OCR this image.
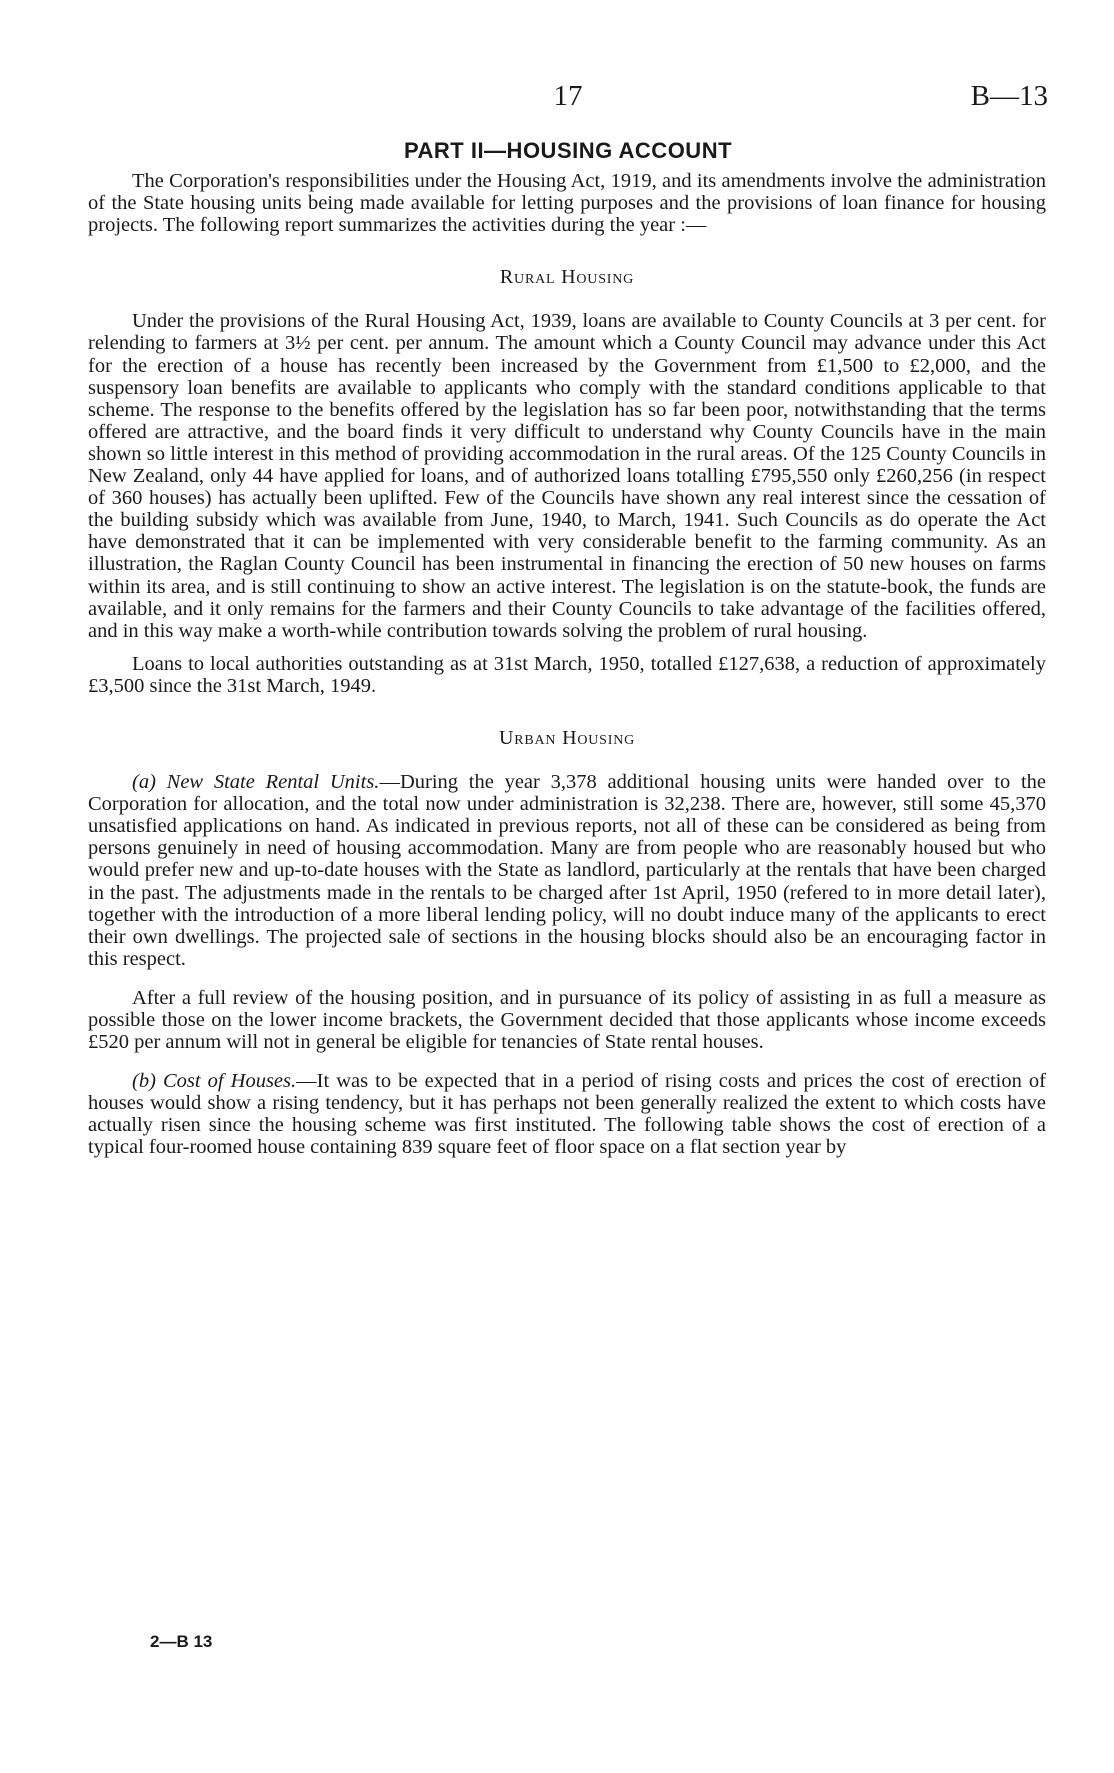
17	B—13
PART II—HOUSING ACCOUNT

The Corporation's responsibilities under the Housing Act, 1919, and its amendments involve the administration of the State housing units being made available for letting purposes and the provisions of loan finance for housing projects. The following report summarizes the activities during the year :—

Rural Housing

Under the provisions of the Rural Housing Act, 1939, loans are available to County Councils at 3 per cent. for relending to farmers at 3½ per cent. per annum. The amount which a County Council may advance under this Act for the erection of a house has recently been increased by the Government from £1,500 to £2,000, and the suspensory loan benefits are available to applicants who comply with the standard conditions applicable to that scheme. The response to the benefits offered by the legislation has so far been poor, notwithstanding that the terms offered are attractive, and the board finds it very difficult to understand why County Councils have in the main shown so little interest in this method of providing accommodation in the rural areas. Of the 125 County Councils in New Zealand, only 44 have applied for loans, and of authorized loans totalling £795,550 only £260,256 (in respect of 360 houses) has actually been uplifted. Few of the Councils have shown any real interest since the cessation of the building subsidy which was available from June, 1940, to March, 1941. Such Councils as do operate the Act have demonstrated that it can be implemented with very considerable benefit to the farming community. As an illustration, the Raglan County Council has been instrumental in financing the erection of 50 new houses on farms within its area, and is still continuing to show an active interest. The legislation is on the statute-book, the funds are available, and it only remains for the farmers and their County Councils to take advantage of the facilities offered, and in this way make a worth-while contribution towards solving the problem of rural housing.

Loans to local authorities outstanding as at 31st March, 1950, totalled £127,638, a reduction of approximately £3,500 since the 31st March, 1949.

Urban Housing

(a) New State Rental Units.—During the year 3,378 additional housing units were handed over to the Corporation for allocation, and the total now under administration is 32,238. There are, however, still some 45,370 unsatisfied applications on hand. As indicated in previous reports, not all of these can be considered as being from persons genuinely in need of housing accommodation. Many are from people who are reasonably housed but who would prefer new and up-to-date houses with the State as landlord, particularly at the rentals that have been charged in the past. The adjustments made in the rentals to be charged after 1st April, 1950 (refered to in more detail later), together with the introduction of a more liberal lending policy, will no doubt induce many of the applicants to erect their own dwellings. The projected sale of sections in the housing blocks should also be an encouraging factor in this respect.

After a full review of the housing position, and in pursuance of its policy of assisting in as full a measure as possible those on the lower income brackets, the Government decided that those applicants whose income exceeds £520 per annum will not in general be eligible for tenancies of State rental houses.

(b) Cost of Houses.—It was to be expected that in a period of rising costs and prices the cost of erection of houses would show a rising tendency, but it has perhaps not been generally realized the extent to which costs have actually risen since the housing scheme was first instituted. The following table shows the cost of erection of a typical four-roomed house containing 839 square feet of floor space on a flat section year by

2—B 13
